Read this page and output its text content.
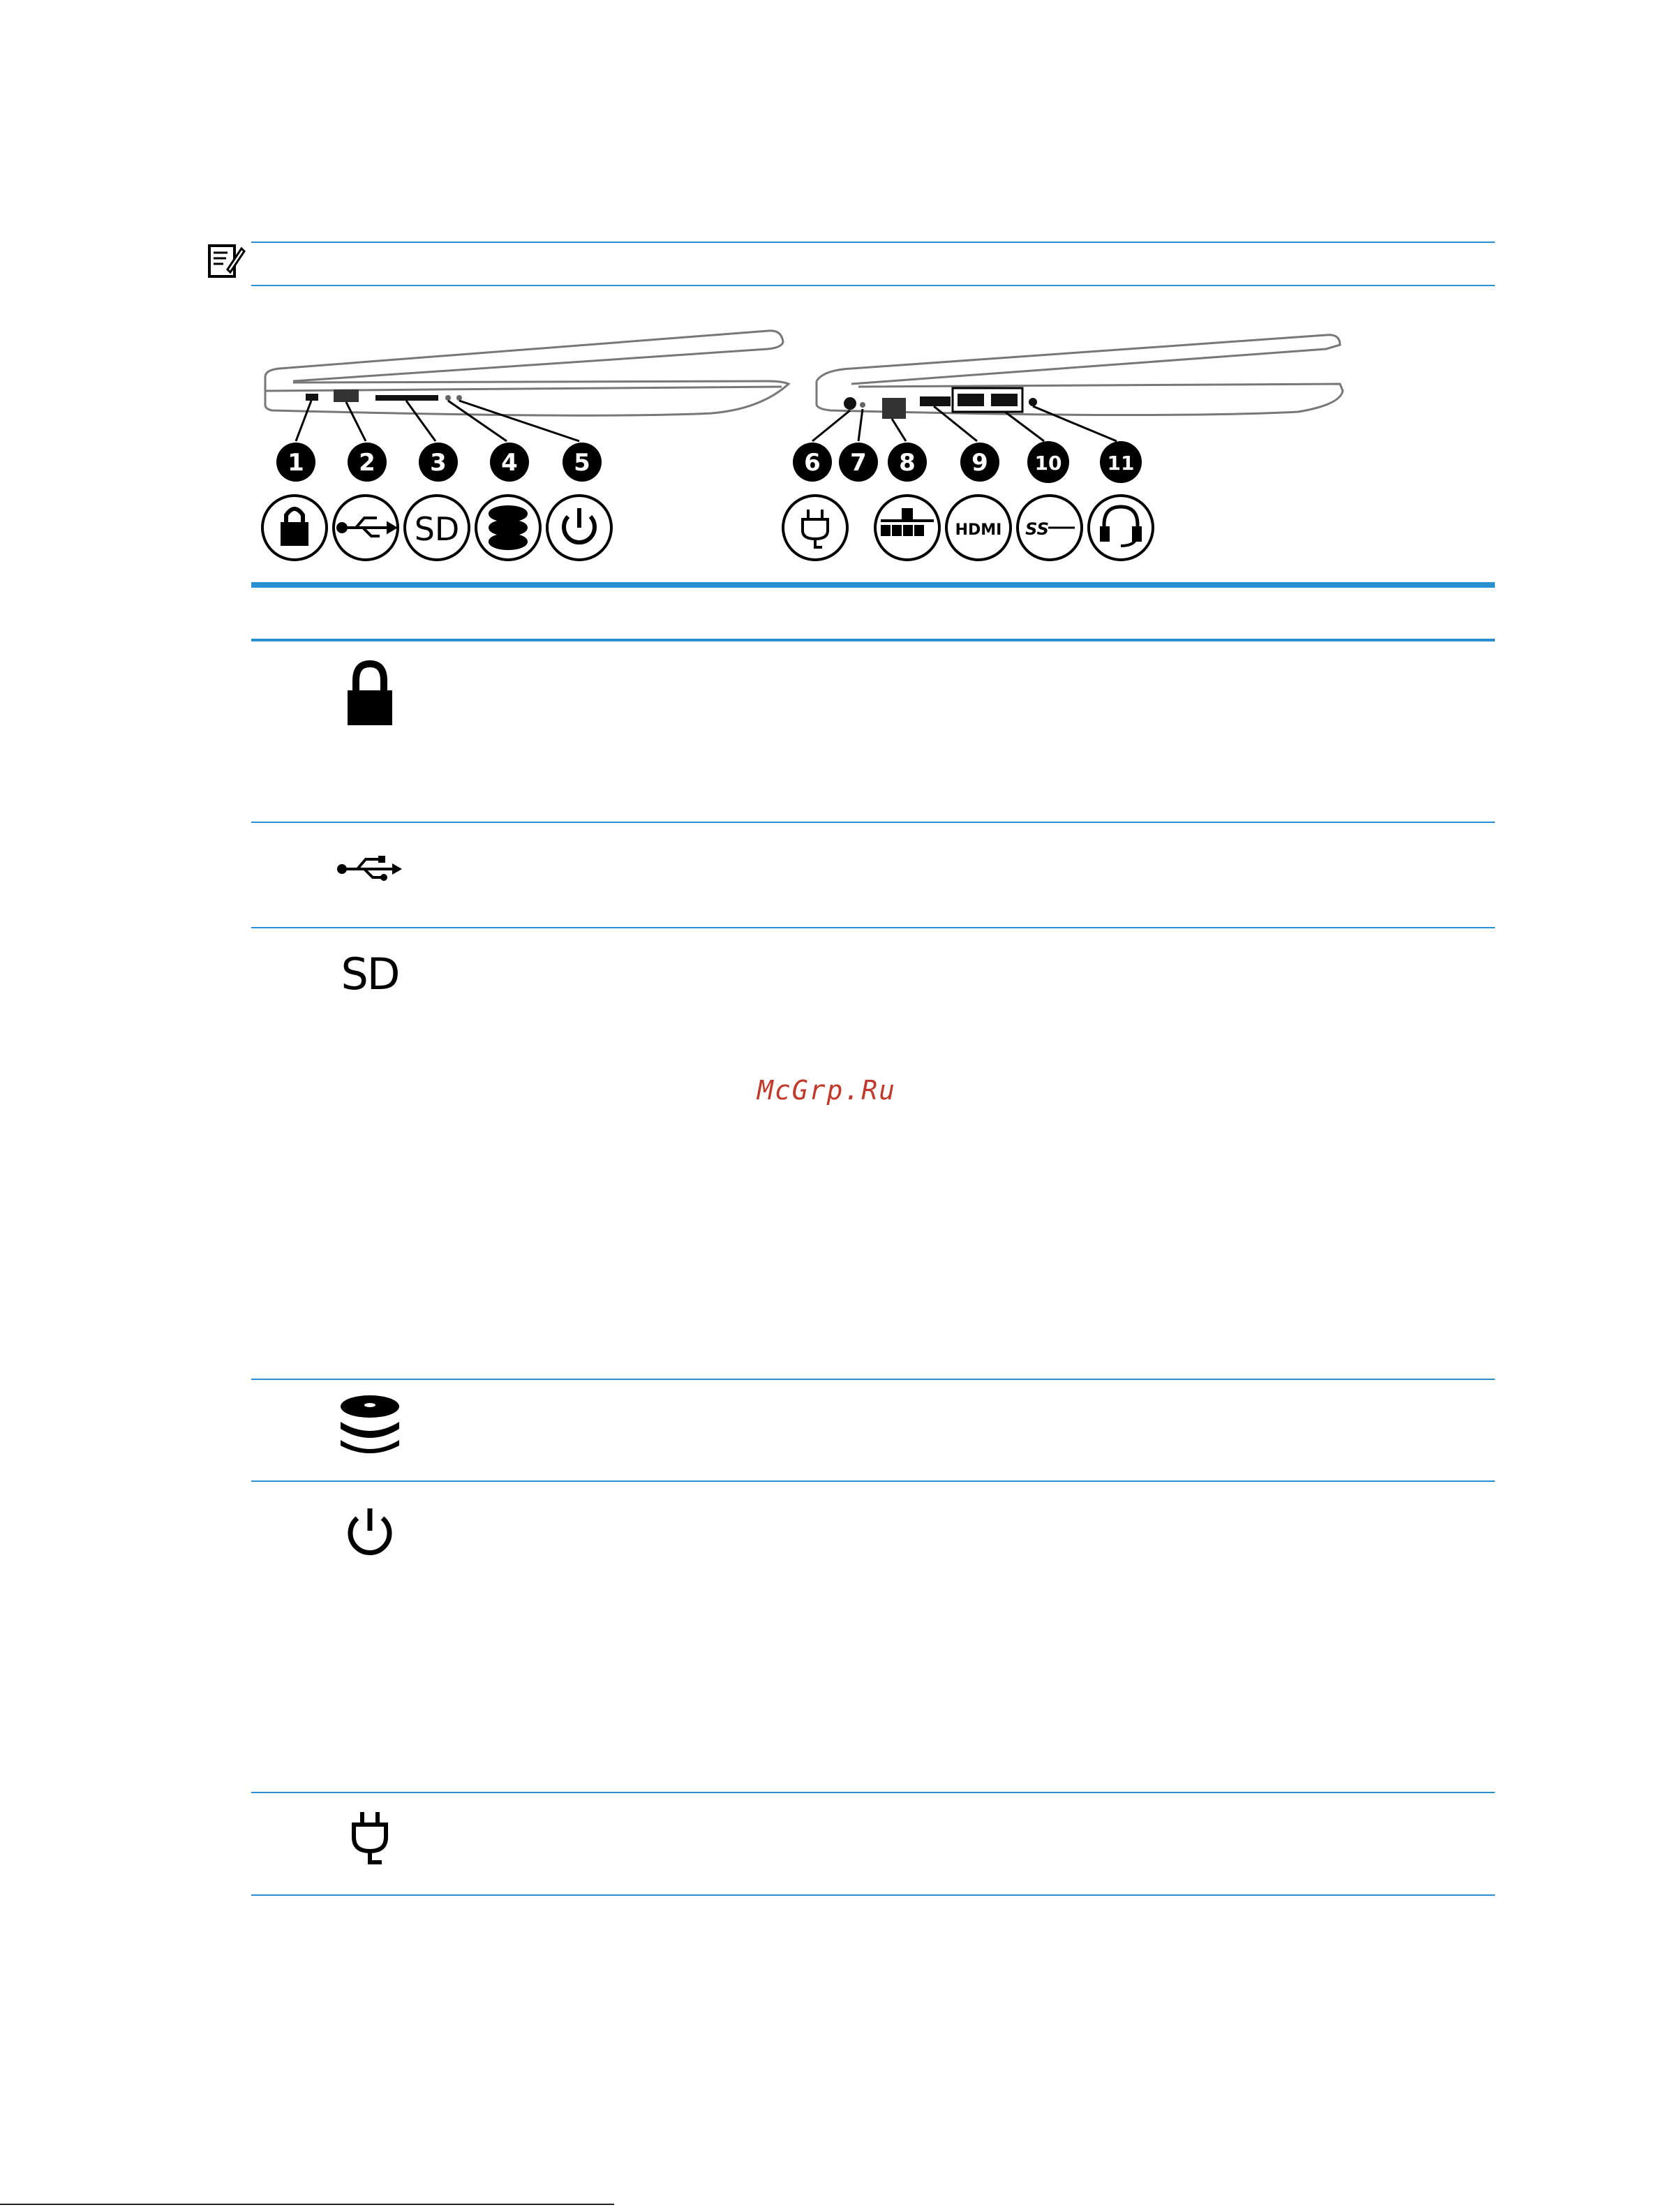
1 2 3 4 5	6 7 8 9 10 11
SD	HDMI SS
SD
McGrp.Ru
